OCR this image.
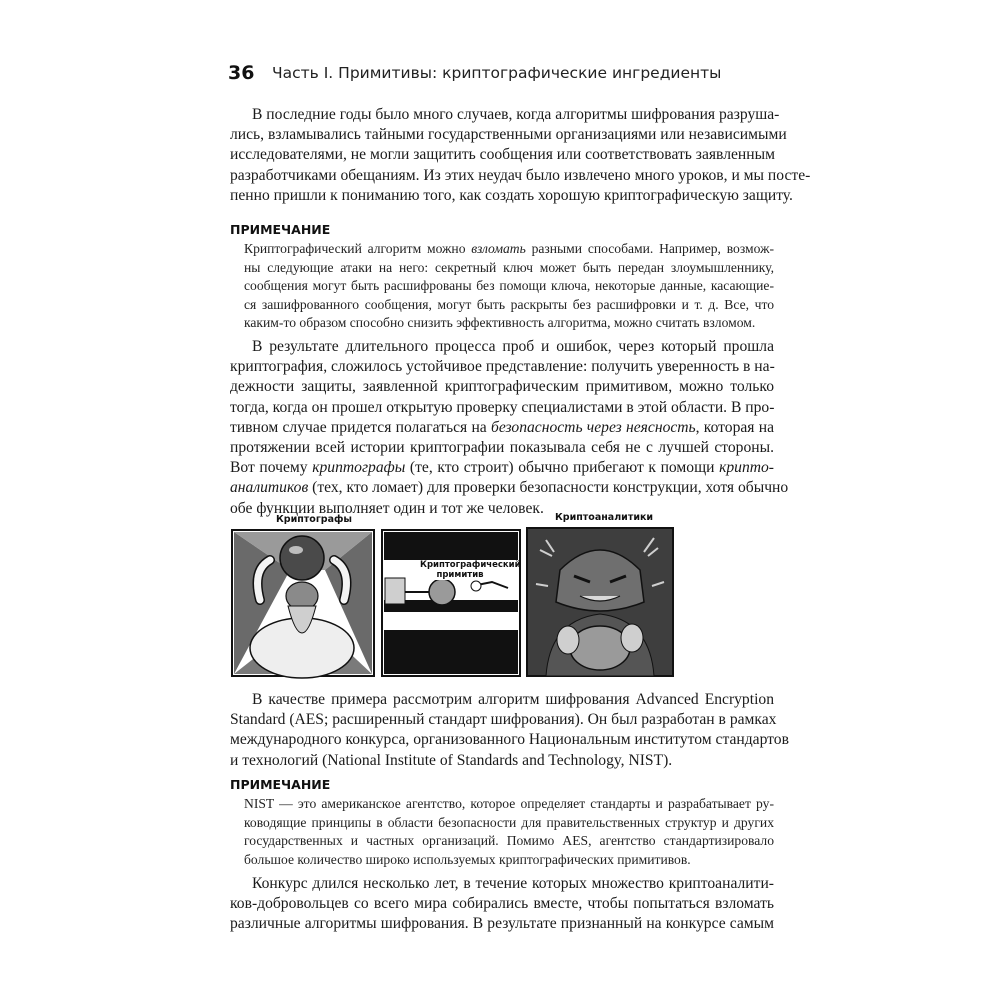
36 Часть I. Примитивы: криптографические ингредиенты
В последние годы было много случаев, когда алгоритмы шифрования разруша-
лись, взламывались тайными государственными организациями или независимыми
исследователями, не могли защитить сообщения или соответствовать заявленным
разработчиками обещаниям. Из этих неудач было извлечено много уроков, и мы посте-
пенно пришли к пониманию того, как создать хорошую криптографическую защиту.
ПРИМЕЧАНИЕ
Криптографический алгоритм можно взломать разными способами. Например, возмож-
ны следующие атаки на него: секретный ключ может быть передан злоумышленнику,
сообщения могут быть расшифрованы без помощи ключа, некоторые данные, касающие-
ся зашифрованного сообщения, могут быть раскрыты без расшифровки и т. д. Все, что
каким-то образом способно снизить эффективность алгоритма, можно считать взломом.
В результате длительного процесса проб и ошибок, через который прошла
криптография, сложилось устойчивое представление: получить уверенность в на-
дежности защиты, заявленной криптографическим примитивом, можно только
тогда, когда он прошел открытую проверку специалистами в этой области. В про-
тивном случае придется полагаться на безопасность через неясность, которая на
протяжении всей истории криптографии показывала себя не с лучшей стороны.
Вот почему криптографы (те, кто строит) обычно прибегают к помощи крипто-
аналитиков (тех, кто ломает) для проверки безопасности конструкции, хотя обычно
обе функции выполняет один и тот же человек.
Криптографы
Криптографический
примитив
Криптоаналитики
В качестве примера рассмотрим алгоритм шифрования Advanced Encryption
Standard (AES; расширенный стандарт шифрования). Он был разработан в рамках
международного конкурса, организованного Национальным институтом стандартов
и технологий (National Institute of Standards and Technology, NIST).
ПРИМЕЧАНИЕ
NIST — это американское агентство, которое определяет стандарты и разрабатывает ру-
ководящие принципы в области безопасности для правительственных структур и других
государственных и частных организаций. Помимо AES, агентство стандартизировало
большое количество широко используемых криптографических примитивов.
Конкурс длился несколько лет, в течение которых множество криптоаналити-
ков-добровольцев со всего мира собирались вместе, чтобы попытаться взломать
различные алгоритмы шифрования. В результате признанный на конкурсе самым
